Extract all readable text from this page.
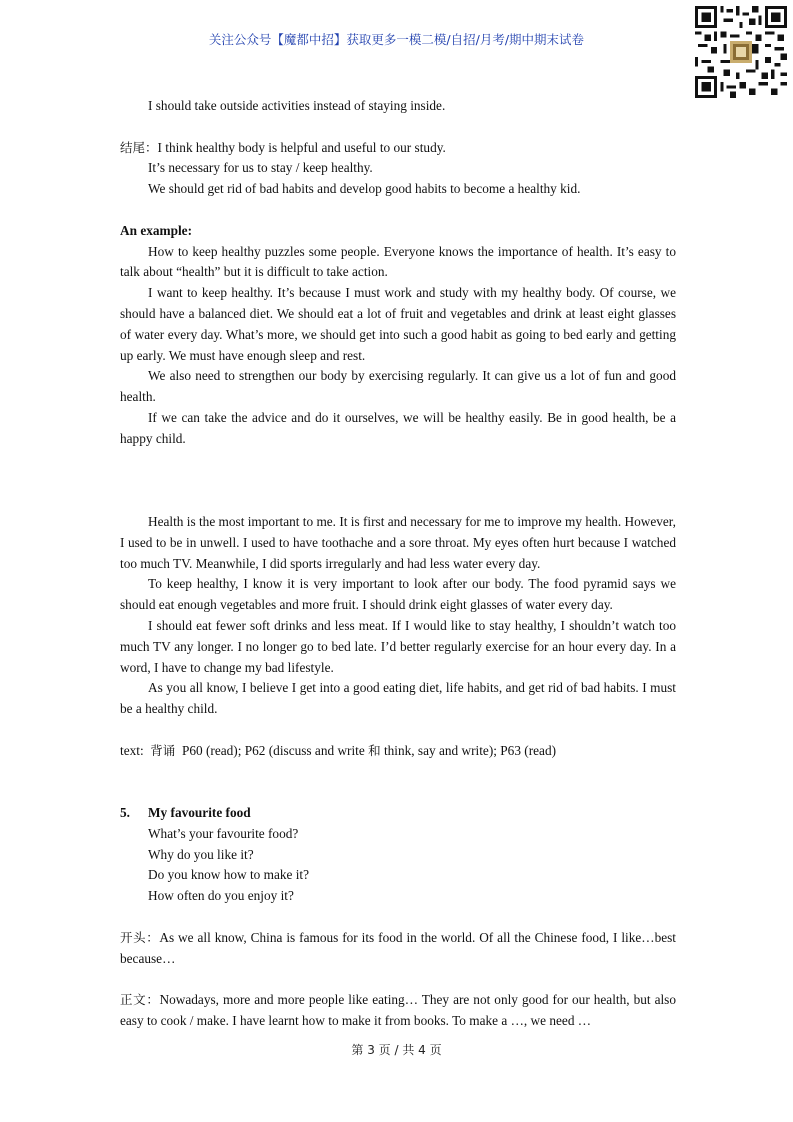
关注公众号【魔都中招】获取更多一模二模/自招/月考/期中期末试卷

I should take outside activities instead of staying inside.

结尾：I think healthy body is helpful and useful to our study.

It’s necessary for us to stay / keep healthy.

We should get rid of bad habits and develop good habits to become a healthy kid.

An example:

How to keep healthy puzzles some people. Everyone knows the importance of health. It’s easy to talk about “health” but it is difficult to take action.

I want to keep healthy. It’s because I must work and study with my healthy body. Of course, we should have a balanced diet. We should eat a lot of fruit and vegetables and drink at least eight glasses of water every day. What’s more, we should get into such a good habit as going to bed early and getting up early. We must have enough sleep and rest.

We also need to strengthen our body by exercising regularly. It can give us a lot of fun and good health.

If we can take the advice and do it ourselves, we will be healthy easily. Be in good health, be a happy child.

Health is the most important to me. It is first and necessary for me to improve my health. However, I used to be in unwell. I used to have toothache and a sore throat. My eyes often hurt because I watched too much TV. Meanwhile, I did sports irregularly and had less water every day.

To keep healthy, I know it is very important to look after our body. The food pyramid says we should eat enough vegetables and more fruit. I should drink eight glasses of water every day.

I should eat fewer soft drinks and less meat. If I would like to stay healthy, I shouldn’t watch too much TV any longer. I no longer go to bed late. I’d better regularly exercise for an hour every day. In a word, I have to change my bad lifestyle.

As you all know, I believe I get into a good eating diet, life habits, and get rid of bad habits. I must be a healthy child.

text: 背诵 P60 (read); P62 (discuss and write 和 think, say and write); P63 (read)

5. My favourite food

What’s your favourite food?

Why do you like it?

Do you know how to make it?

How often do you enjoy it?

开头：As we all know, China is famous for its food in the world. Of all the Chinese food, I like…best because…

正文：Nowadays, more and more people like eating… They are not only good for our health, but also easy to cook / make. I have learnt how to make it from books. To make a …, we need …

第 3 页 / 共 4 页
